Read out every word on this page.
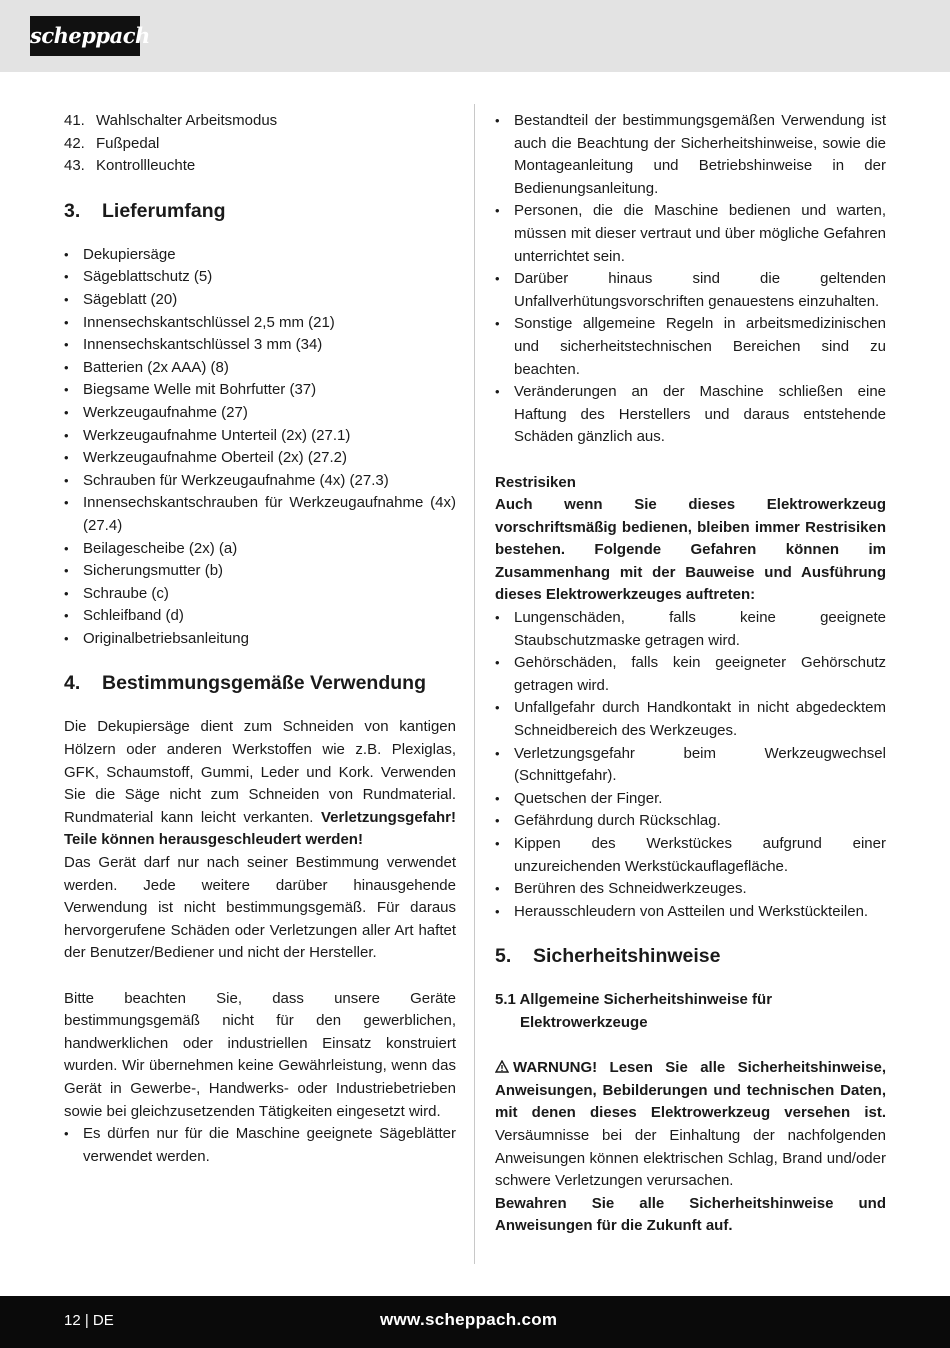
scheppach
41. Wahlschalter Arbeitsmodus
42. Fußpedal
43. Kontrollleuchte
3. Lieferumfang
• Dekupiersäge
• Sägeblattschutz (5)
• Sägeblatt (20)
• Innensechskantschlüssel 2,5 mm (21)
• Innensechskantschlüssel 3 mm (34)
• Batterien (2x AAA) (8)
• Biegsame Welle mit Bohrfutter (37)
• Werkzeugaufnahme (27)
• Werkzeugaufnahme Unterteil (2x) (27.1)
• Werkzeugaufnahme Oberteil (2x) (27.2)
• Schrauben für Werkzeugaufnahme (4x) (27.3)
• Innensechskantschrauben für Werkzeugaufnahme (4x) (27.4)
• Beilagescheibe (2x) (a)
• Sicherungsmutter (b)
• Schraube (c)
• Schleifband (d)
• Originalbetriebsanleitung
4. Bestimmungsgemäße Verwendung

Die Dekupiersäge dient zum Schneiden von kantigen Hölzern oder anderen Werkstoffen wie z.B. Plexiglas, GFK, Schaumstoff, Gummi, Leder und Kork. Verwenden Sie die Säge nicht zum Schneiden von Rundmaterial. Rundmaterial kann leicht verkanten. Verletzungsgefahr! Teile können herausgeschleudert werden!

Das Gerät darf nur nach seiner Bestimmung verwendet werden. Jede weitere darüber hinausgehende Verwendung ist nicht bestimmungsgemäß. Für daraus hervorgerufene Schäden oder Verletzungen aller Art haftet der Benutzer/Bediener und nicht der Hersteller.

Bitte beachten Sie, dass unsere Geräte bestimmungsgemäß nicht für den gewerblichen, handwerklichen oder industriellen Einsatz konstruiert wurden. Wir übernehmen keine Gewährleistung, wenn das Gerät in Gewerbe-, Handwerks- oder Industriebetrieben sowie bei gleichzusetzenden Tätigkeiten eingesetzt wird.

• Es dürfen nur für die Maschine geeignete Sägeblätter verwendet werden.
• Bestandteil der bestimmungsgemäßen Verwendung ist auch die Beachtung der Sicherheitshinweise, sowie die Montageanleitung und Betriebshinweise in der Bedienungsanleitung.
• Personen, die die Maschine bedienen und warten, müssen mit dieser vertraut und über mögliche Gefahren unterrichtet sein.
• Darüber hinaus sind die geltenden Unfallverhütungsvorschriften genauestens einzuhalten.
• Sonstige allgemeine Regeln in arbeitsmedizinischen und sicherheitstechnischen Bereichen sind zu beachten.
• Veränderungen an der Maschine schließen eine Haftung des Herstellers und daraus entstehende Schäden gänzlich aus.
Restrisiken

Auch wenn Sie dieses Elektrowerkzeug vorschriftsmäßig bedienen, bleiben immer Restrisiken bestehen. Folgende Gefahren können im Zusammenhang mit der Bauweise und Ausführung dieses Elektrowerkzeuges auftreten:

• Lungenschäden, falls keine geeignete Staubschutzmaske getragen wird.
• Gehörschäden, falls kein geeigneter Gehörschutz getragen wird.
• Unfallgefahr durch Handkontakt in nicht abgedecktem Schneidbereich des Werkzeuges.
• Verletzungsgefahr beim Werkzeugwechsel (Schnittgefahr).
• Quetschen der Finger.
• Gefährdung durch Rückschlag.
• Kippen des Werkstückes aufgrund einer unzureichenden Werkstückauflagefläche.
• Berühren des Schneidwerkzeuges.
• Herausschleudern von Astteilen und Werkstückteilen.
5. Sicherheitshinweise
5.1 Allgemeine Sicherheitshinweise für Elektrowerkzeuge

WARNUNG! Lesen Sie alle Sicherheitshinweise, Anweisungen, Bebilderungen und technischen Daten, mit denen dieses Elektrowerkzeug versehen ist. Versäumnisse bei der Einhaltung der nachfolgenden Anweisungen können elektrischen Schlag, Brand und/oder schwere Verletzungen verursachen.

Bewahren Sie alle Sicherheitshinweise und Anweisungen für die Zukunft auf.

12 | DE	www.scheppach.com
